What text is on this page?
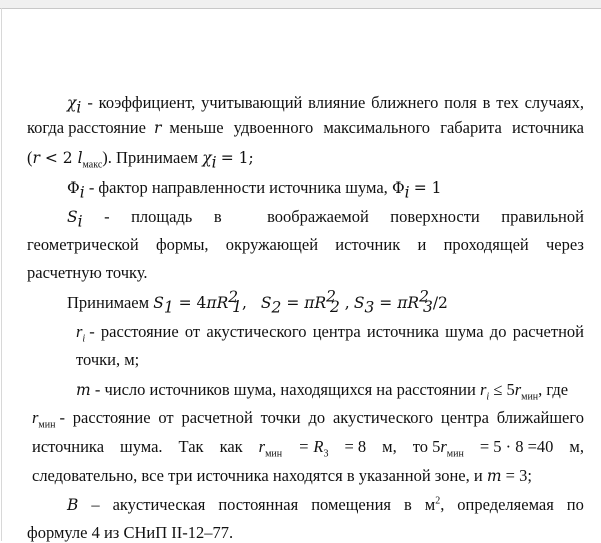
$\chi_i$ - коэффициент, учитывающий влияние ближнего поля в тех случаях,
когда расстояние r меньше удвоенного максимального габарита источника
(r < 2 $l_{макс}$). Принимаем $\chi_i = 1$;
$\Phi_i$ - фактор направленности источника шума, $\Phi_i = 1$
$S_i$ - площадь в	воображаемой поверхности правильной
геометрической формы, окружающей источник и проходящей через
расчетную точку.
Принимаем $S_1 = 4\pi R^2_1$,   $S_2 = \pi R^2_2$ , $S_3 = \pi R^2_3/2$
$r_i$ - расстояние от акустического центра источника шума до расчетной
точки, м;
m - число источников шума, находящихся на расстоянии $r_i \le 5r_{мин}$, где
$r_{мин}$ - расстояние от расчетной точки до акустического центра ближайшего
источника шума. Так как $r_{мин} = R_3 = 8$ м, то $5r_{мин} = 5 \cdot 8 =40$ м,
следовательно, все три источника находятся в указанной зоне, и m = 3;
B – акустическая постоянная помещения в $м^2$, определяемая по
формуле 4 из СНиП II-12–77.
